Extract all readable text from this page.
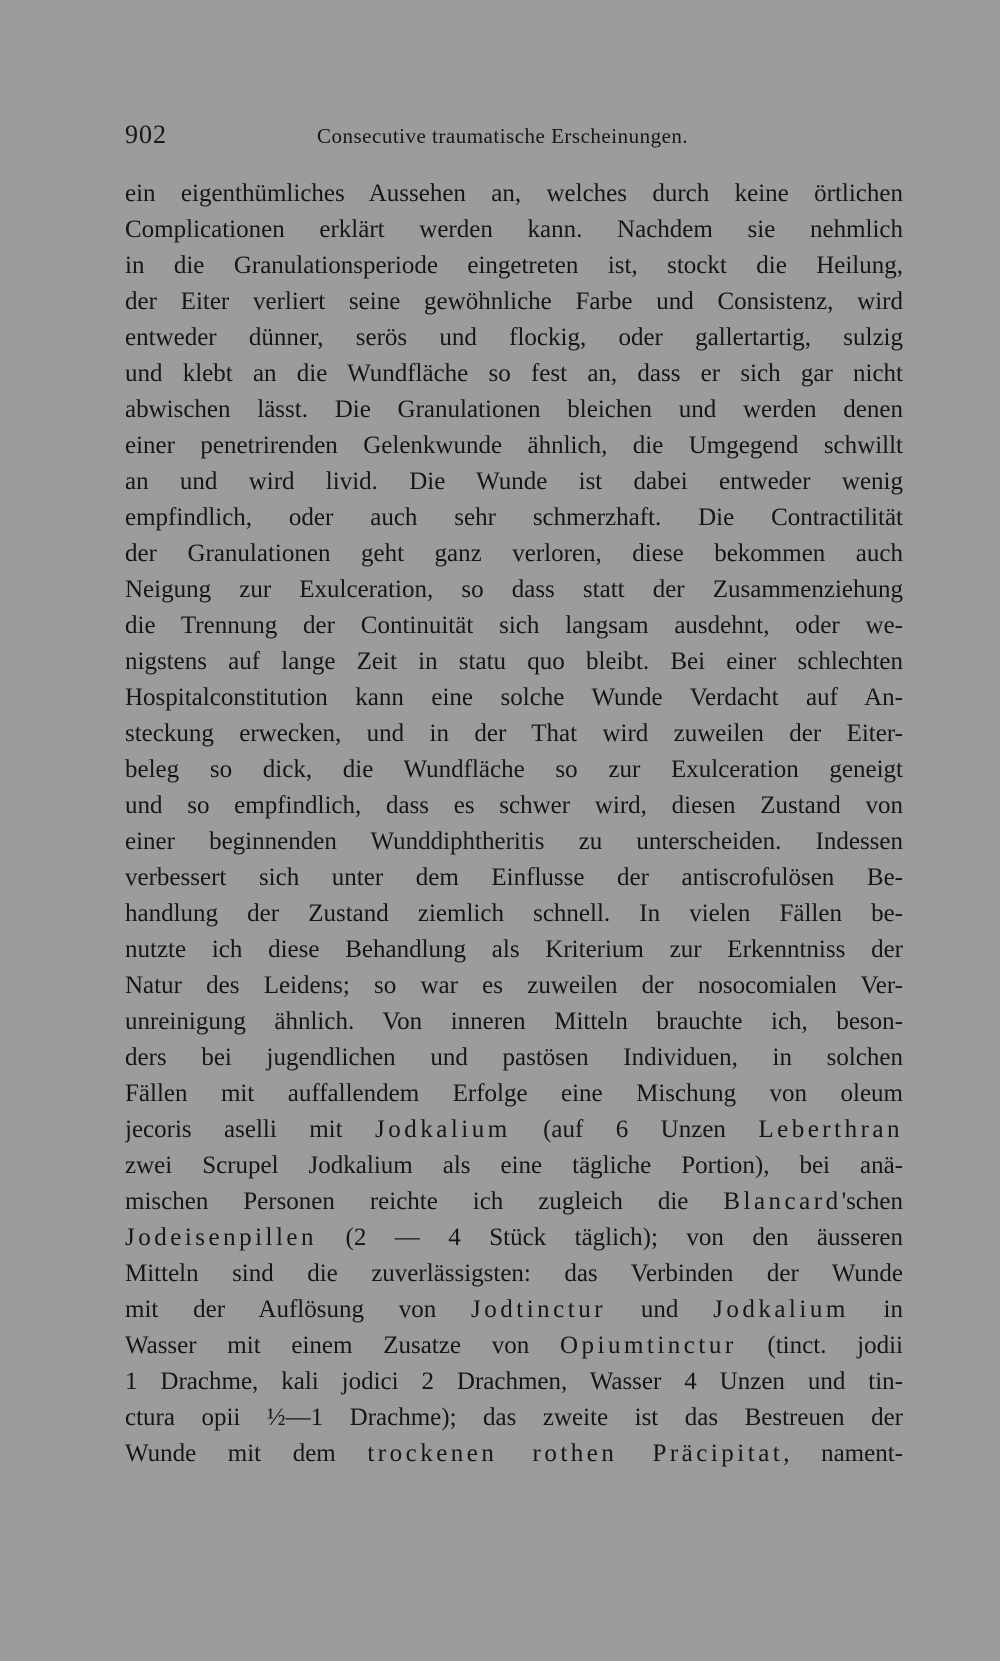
902	Consecutive traumatische Erscheinungen.
ein eigenthümliches Aussehen an, welches durch keine örtlichen
Complicationen erklärt werden kann. Nachdem sie nehmlich
in die Granulationsperiode eingetreten ist, stockt die Heilung,
der Eiter verliert seine gewöhnliche Farbe und Consistenz, wird
entweder dünner, serös und flockig, oder gallertartig, sulzig
und klebt an die Wundfläche so fest an, dass er sich gar nicht
abwischen lässt. Die Granulationen bleichen und werden denen
einer penetrirenden Gelenkwunde ähnlich, die Umgegend schwillt
an und wird livid. Die Wunde ist dabei entweder wenig
empfindlich, oder auch sehr schmerzhaft. Die Contractilität
der Granulationen geht ganz verloren, diese bekommen auch
Neigung zur Exulceration, so dass statt der Zusammenziehung
die Trennung der Continuität sich langsam ausdehnt, oder we-
nigstens auf lange Zeit in statu quo bleibt. Bei einer schlechten
Hospitalconstitution kann eine solche Wunde Verdacht auf An-
steckung erwecken, und in der That wird zuweilen der Eiter-
beleg so dick, die Wundfläche so zur Exulceration geneigt
und so empfindlich, dass es schwer wird, diesen Zustand von
einer beginnenden Wunddiphtheritis zu unterscheiden. Indessen
verbessert sich unter dem Einflusse der antiscrofulösen Be-
handlung der Zustand ziemlich schnell. In vielen Fällen be-
nutzte ich diese Behandlung als Kriterium zur Erkenntniss der
Natur des Leidens; so war es zuweilen der nosocomialen Ver-
unreinigung ähnlich. Von inneren Mitteln brauchte ich, beson-
ders bei jugendlichen und pastösen Individuen, in solchen
Fällen mit auffallendem Erfolge eine Mischung von oleum
jecoris aselli mit Jodkalium (auf 6 Unzen Leberthran
zwei Scrupel Jodkalium als eine tägliche Portion), bei anä-
mischen Personen reichte ich zugleich die Blancard'schen
Jodeisenpillen (2 — 4 Stück täglich); von den äusseren
Mitteln sind die zuverlässigsten: das Verbinden der Wunde
mit der Auflösung von Jodtinctur und Jodkalium in
Wasser mit einem Zusatze von Opiumtinctur (tinct. jodii
1 Drachme, kali jodici 2 Drachmen, Wasser 4 Unzen und tin-
ctura opii ½—1 Drachme); das zweite ist das Bestreuen der
Wunde mit dem trockenen rothen Präcipitat, nament-
